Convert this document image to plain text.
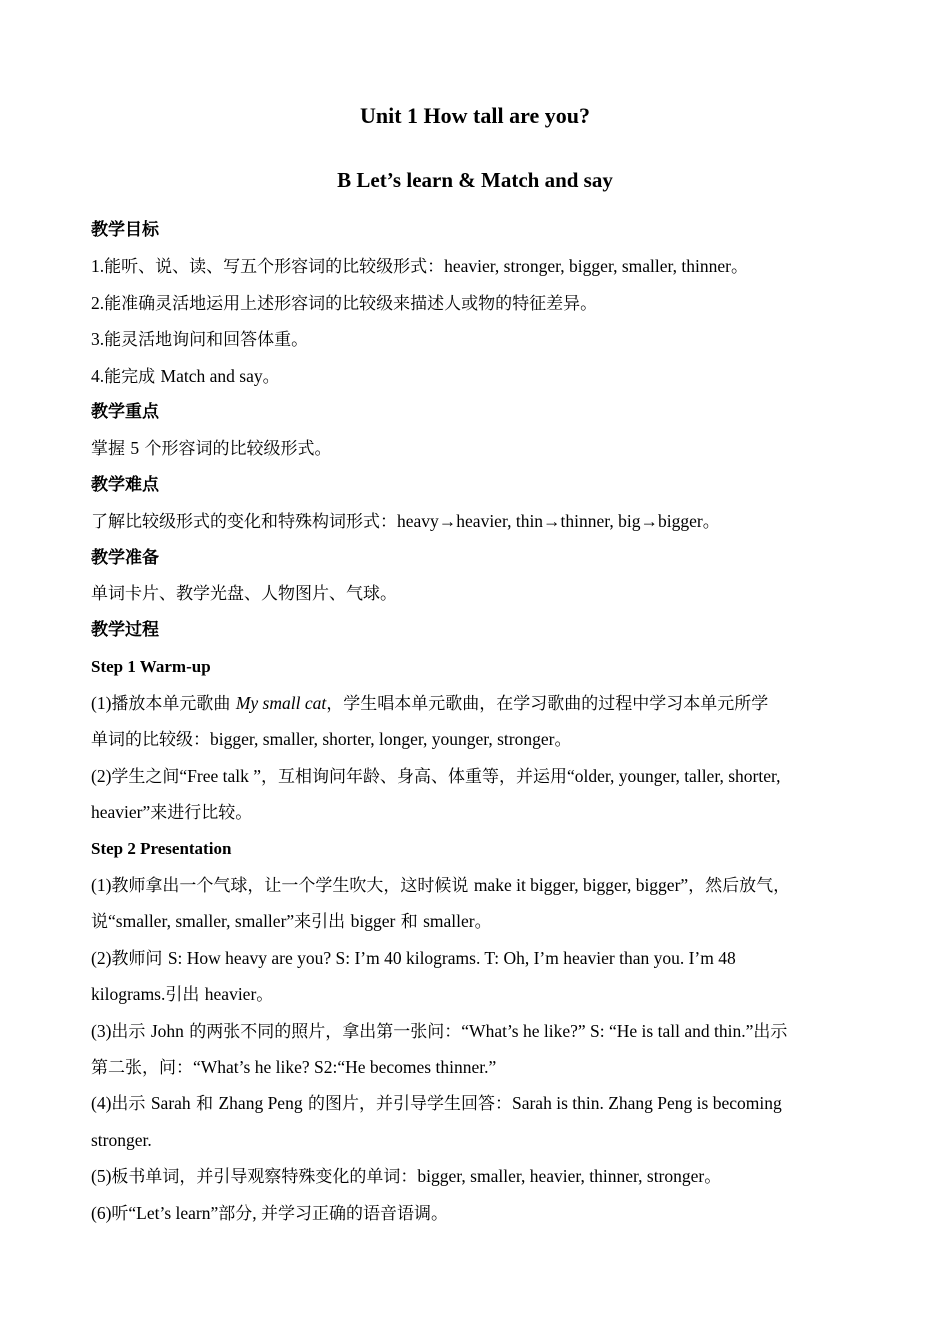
Unit 1 How tall are you?
B Let’s learn & Match and say
教学目标
1.能听、说、读、写五个形容词的比较级形式：heavier, stronger, bigger, smaller, thinner。
2.能准确灵活地运用上述形容词的比较级来描述人或物的特征差异。
3.能灵活地询问和回答体重。
4.能完成 Match and say。
教学重点
掌握 5 个形容词的比较级形式。
教学难点
了解比较级形式的变化和特殊构词形式：heavy→heavier, thin→thinner, big→bigger。
教学准备
单词卡片、教学光盘、人物图片、气球。
教学过程
Step 1 Warm-up
(1)播放本单元歌曲 My small cat，学生唱本单元歌曲，在学习歌曲的过程中学习本单元所学
单词的比较级：bigger, smaller, shorter, longer, younger, stronger。
(2)学生之间“Free talk ”，互相询问年龄、身高、体重等，并运用“older, younger, taller, shorter,
heavier”来进行比较。
Step 2 Presentation
(1)教师拿出一个气球，让一个学生吹大，这时候说 make it bigger, bigger, bigger”，然后放气，
说“smaller, smaller, smaller”来引出 bigger 和 smaller。
(2)教师问 S: How heavy are you? S: I’m 40 kilograms. T: Oh, I’m heavier than you. I’m 48
kilograms.引出 heavier。
(3)出示 John 的两张不同的照片，拿出第一张问：“What’s he like?” S: “He is tall and thin.”出示
第二张，问：“What’s he like? S2:“He becomes thinner.”
(4)出示 Sarah 和 Zhang Peng 的图片，并引导学生回答：Sarah is thin. Zhang Peng is becoming
stronger.
(5)板书单词，并引导观察特殊变化的单词：bigger, smaller, heavier, thinner, stronger。
(6)听“Let’s learn”部分, 并学习正确的语音语调。
